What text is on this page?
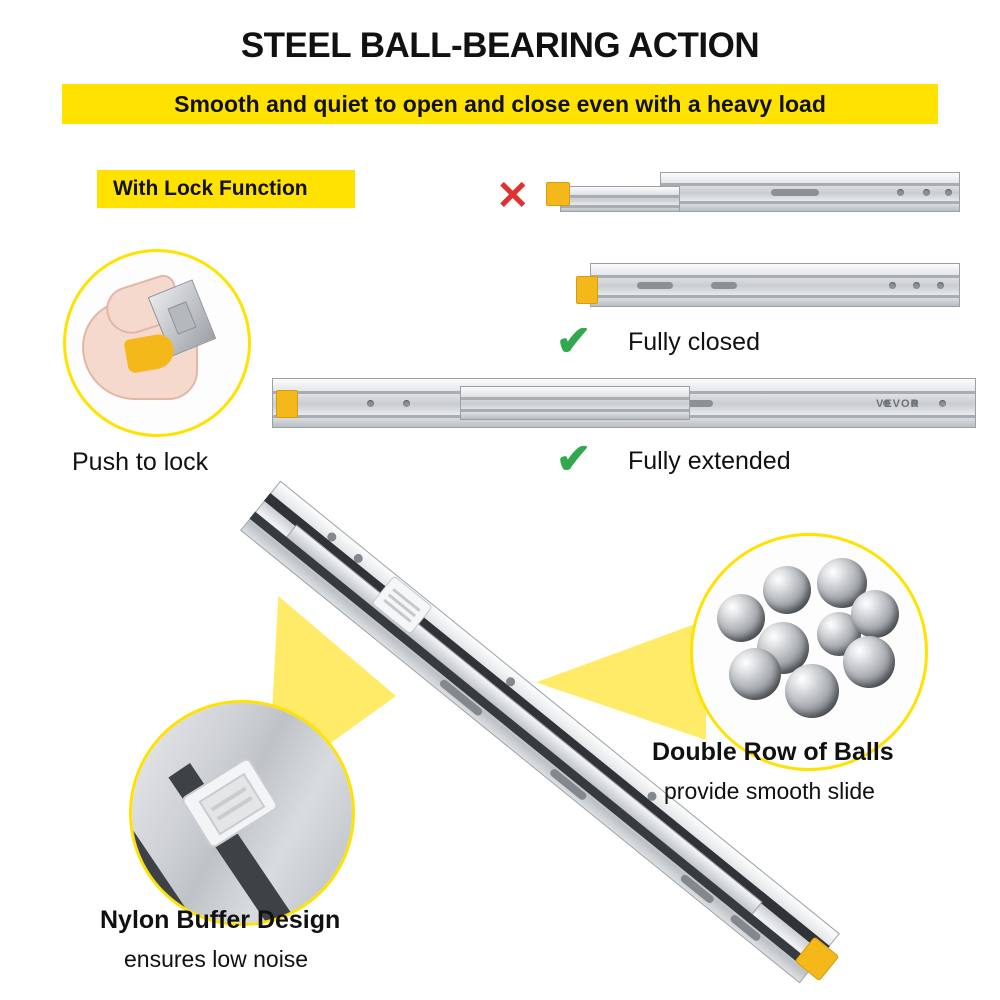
STEEL BALL-BEARING ACTION
Smooth and quiet to open and close even with a heavy load
With Lock Function
Push to lock
✕
✔ Fully closed
✔
VEVOR
Fully extended
Double Row of Balls
provide smooth slide
Nylon Buffer Design
ensures low noise
